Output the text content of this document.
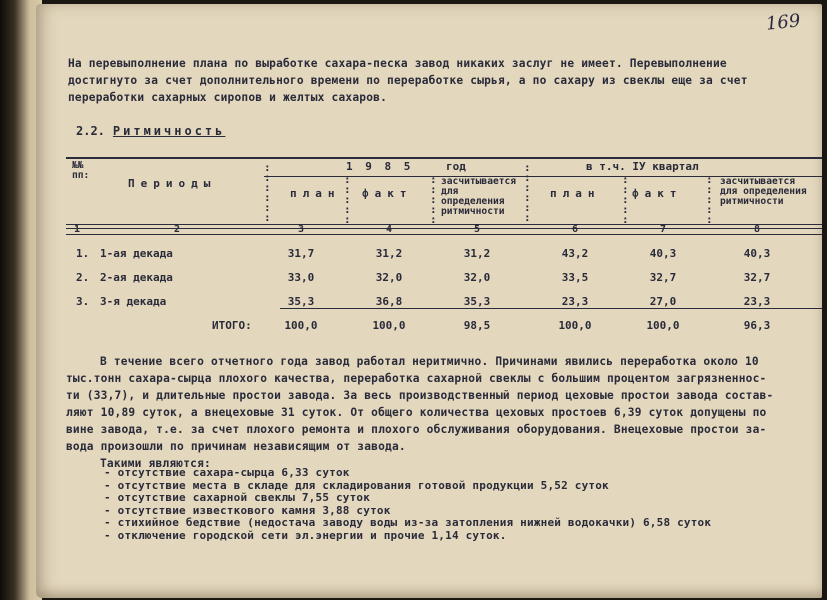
169
На перевыполнение плана по выработке сахара-песка завод никаких заслуг не имеет. Перевыполнение
достигнуто за счет дополнительного времени по переработке сырья, а по сахару из свеклы еще за счет
переработки сахарных сиропов и желтых сахаров.
2.2. Ритмичность
№№
пп:
Периоды
1 9 8 5	год	в т.ч. IУ квартал
план факт
засчитывается для определения ритмичности
план	факт
засчитывается для определения ритмичности
:
:
:
:
:
:
:
:
:
:
:
:
:
:
:
:
:
:
:
:
:
:
:
:
:
:
:
:
:
:
:
:
1	2	3	4	5	6	7	8
1. 1-ая декада	31,7	31,2	31,2	43,2	40,3	40,3
2. 2-ая декада	33,0	32,0	32,0	33,5	32,7	32,7
3. 3-я декада	35,3	36,8	35,3	23,3	27,0	23,3
ИТОГО:	100,0	100,0	98,5	100,0	100,0	96,3
В течение всего отчетного года завод работал неритмично. Причинами явились переработка около 10
тыс.тонн сахара-сырца плохого качества, переработка сахарной свеклы с большим процентом загрязненнос-
ти (33,7), и длительные простои завода. За весь производственный период цеховые простои завода состав-
ляют 10,89 суток, а внецеховые 31 суток. От общего количества цеховых простоев 6,39 суток допущены по
вине завода, т.е. за счет плохого ремонта и плохого обслуживания оборудования. Внецеховые простои за-
вода произошли по причинам независящим от завода.
Такими являются:
- отсутствие сахара-сырца 6,33 суток
- отсутствие места в складе для складирования готовой продукции 5,52 суток
- отсутствие сахарной свеклы 7,55 суток
- отсутствие известкового камня 3,88 суток
- стихийное бедствие (недостача заводу воды из-за затопления нижней водокачки) 6,58 суток
- отключение городской сети эл.энергии и прочие 1,14 суток.
